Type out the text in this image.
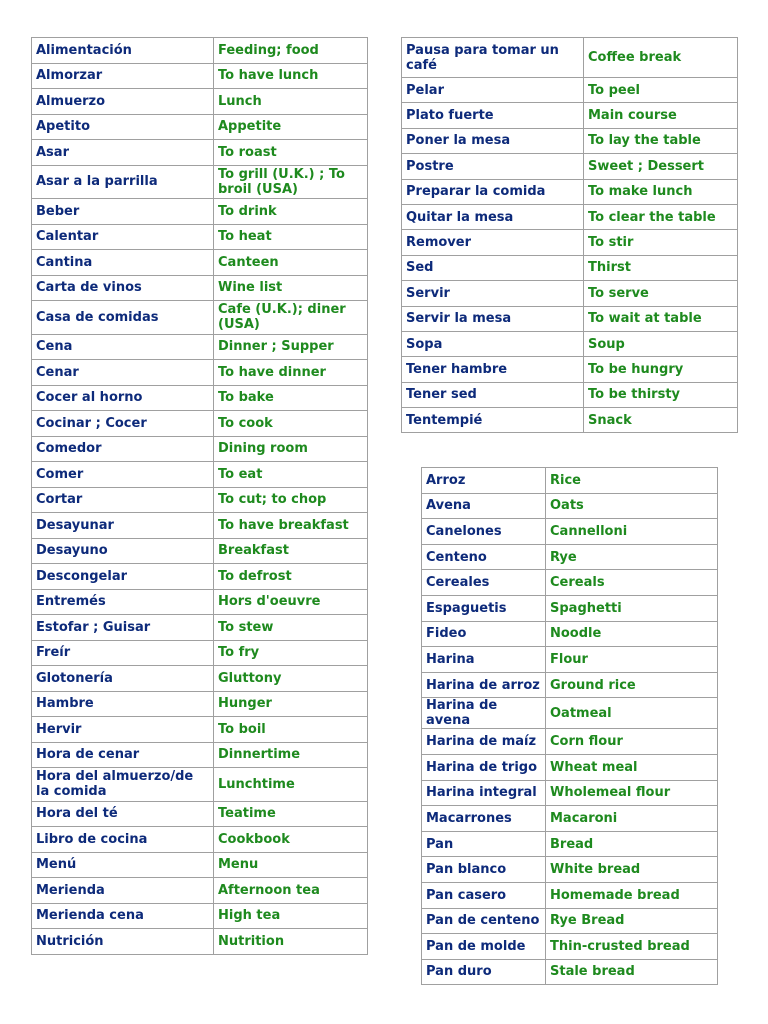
Alimentación	Feeding; food
Almorzar	To have lunch
Almuerzo	Lunch
Apetito	Appetite
Asar	To roast
Asar a la parrilla	To grill (U.K.) ; To broil (USA)
Beber	To drink
Calentar	To heat
Cantina	Canteen
Carta de vinos	Wine list
Casa de comidas	Cafe (U.K.); diner (USA)
Cena	Dinner ; Supper
Cenar	To have dinner
Cocer al horno	To bake
Cocinar ; Cocer	To cook
Comedor	Dining room
Comer	To eat
Cortar	To cut; to chop
Desayunar	To have breakfast
Desayuno	Breakfast
Descongelar	To defrost
Entremés	Hors d'oeuvre
Estofar ; Guisar	To stew
Freír	To fry
Glotonería	Gluttony
Hambre	Hunger
Hervir	To boil
Hora de cenar	Dinnertime
Hora del almuerzo/de la comida	Lunchtime
Hora del té	Teatime
Libro de cocina	Cookbook
Menú	Menu
Merienda	Afternoon tea
Merienda cena	High tea
Nutrición	Nutrition
Pausa para tomar un café	Coffee break
Pelar	To peel
Plato fuerte	Main course
Poner la mesa	To lay the table
Postre	Sweet ; Dessert
Preparar la comida	To make lunch
Quitar la mesa	To clear the table
Remover	To stir
Sed	Thirst
Servir	To serve
Servir la mesa	To wait at table
Sopa	Soup
Tener hambre	To be hungry
Tener sed	To be thirsty
Tentempié	Snack
Arroz	Rice
Avena	Oats
Canelones	Cannelloni
Centeno	Rye
Cereales	Cereals
Espaguetis	Spaghetti
Fideo	Noodle
Harina	Flour
Harina de arroz	Ground rice
Harina de avena	Oatmeal
Harina de maíz	Corn flour
Harina de trigo	Wheat meal
Harina integral	Wholemeal flour
Macarrones	Macaroni
Pan	Bread
Pan blanco	White bread
Pan casero	Homemade bread
Pan de centeno	Rye Bread
Pan de molde	Thin-crusted bread
Pan duro	Stale bread
